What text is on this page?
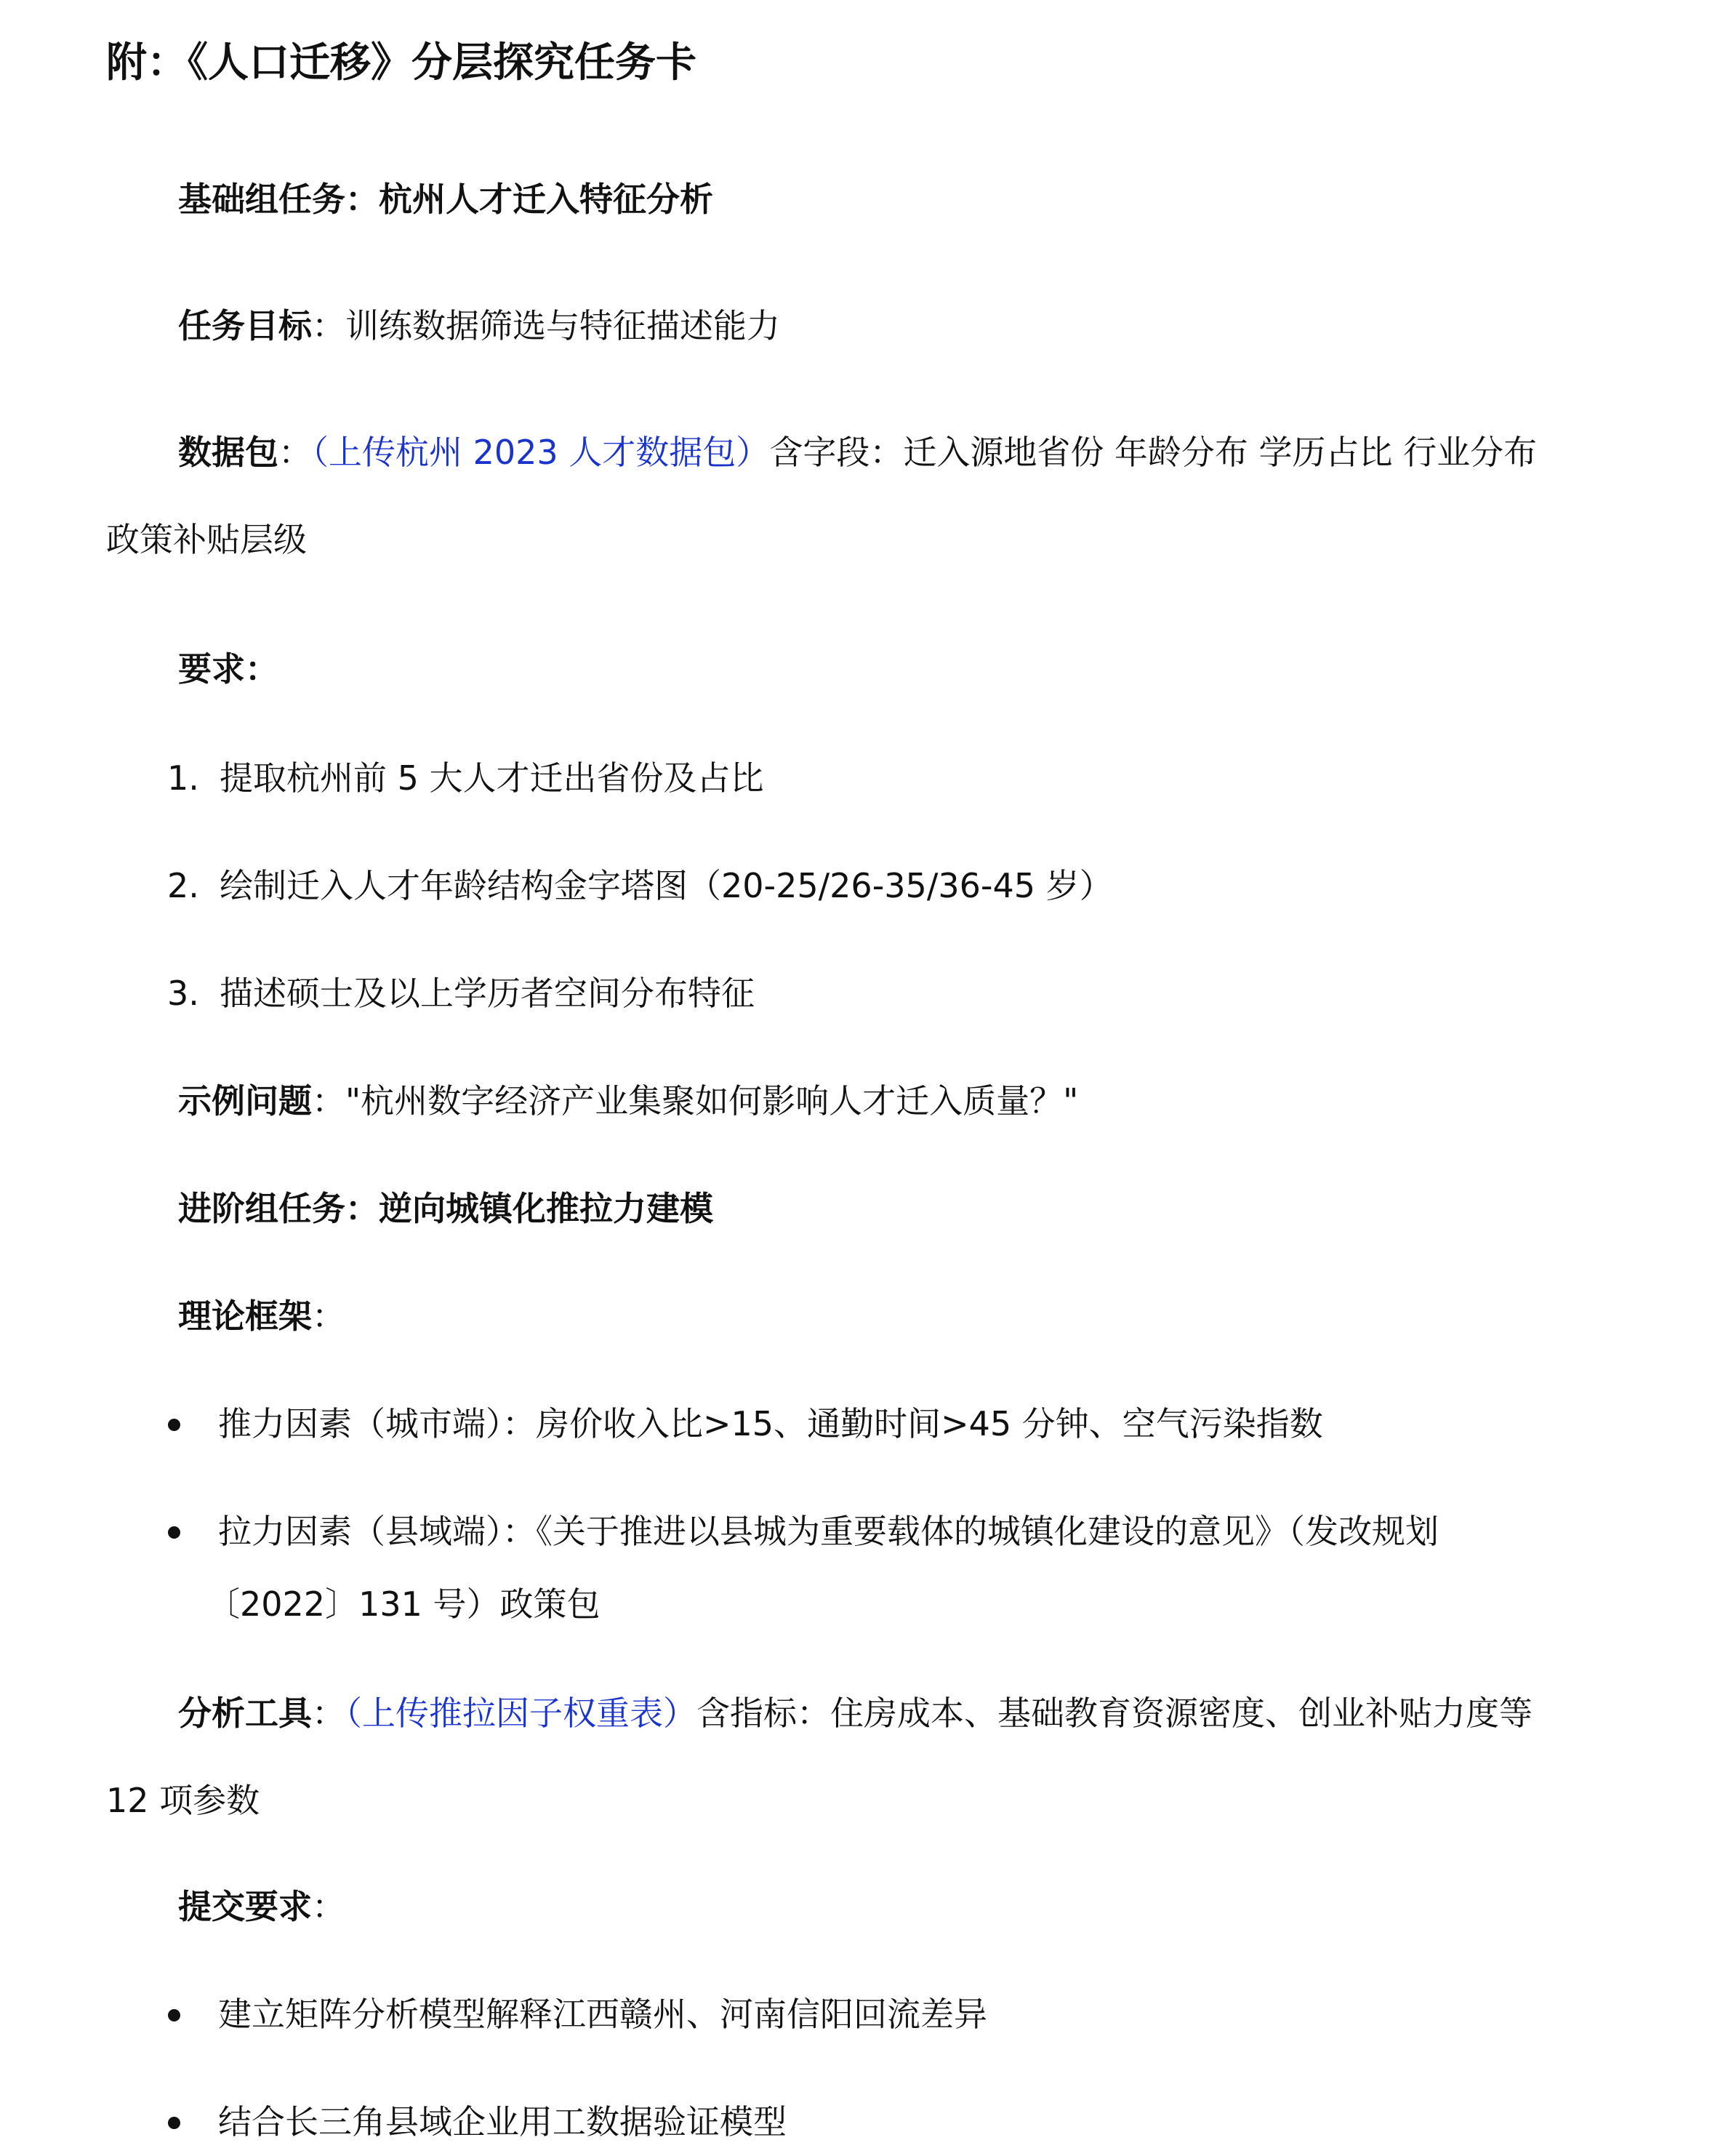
附：《人口迁移》分层探究任务卡
基础组任务：杭州人才迁入特征分析
任务目标：训练数据筛选与特征描述能力
数据包：（上传杭州 2023 人才数据包）含字段：迁入源地省份 年龄分布 学历占比 行业分布
政策补贴层级
要求：
1. 提取杭州前 5 大人才迁出省份及占比
2. 绘制迁入人才年龄结构金字塔图（20-25/26-35/36-45 岁）
3. 描述硕士及以上学历者空间分布特征
示例问题："杭州数字经济产业集聚如何影响人才迁入质量？"
进阶组任务：逆向城镇化推拉力建模
理论框架：
推力因素（城市端）：房价收入比>15、通勤时间>45 分钟、空气污染指数
拉力因素（县域端）：《关于推进以县城为重要载体的城镇化建设的意见》（发改规划
〔2022〕131 号）政策包
分析工具：（上传推拉因子权重表）含指标：住房成本、基础教育资源密度、创业补贴力度等
12 项参数
提交要求：
建立矩阵分析模型解释江西赣州、河南信阳回流差异
结合长三角县域企业用工数据验证模型
